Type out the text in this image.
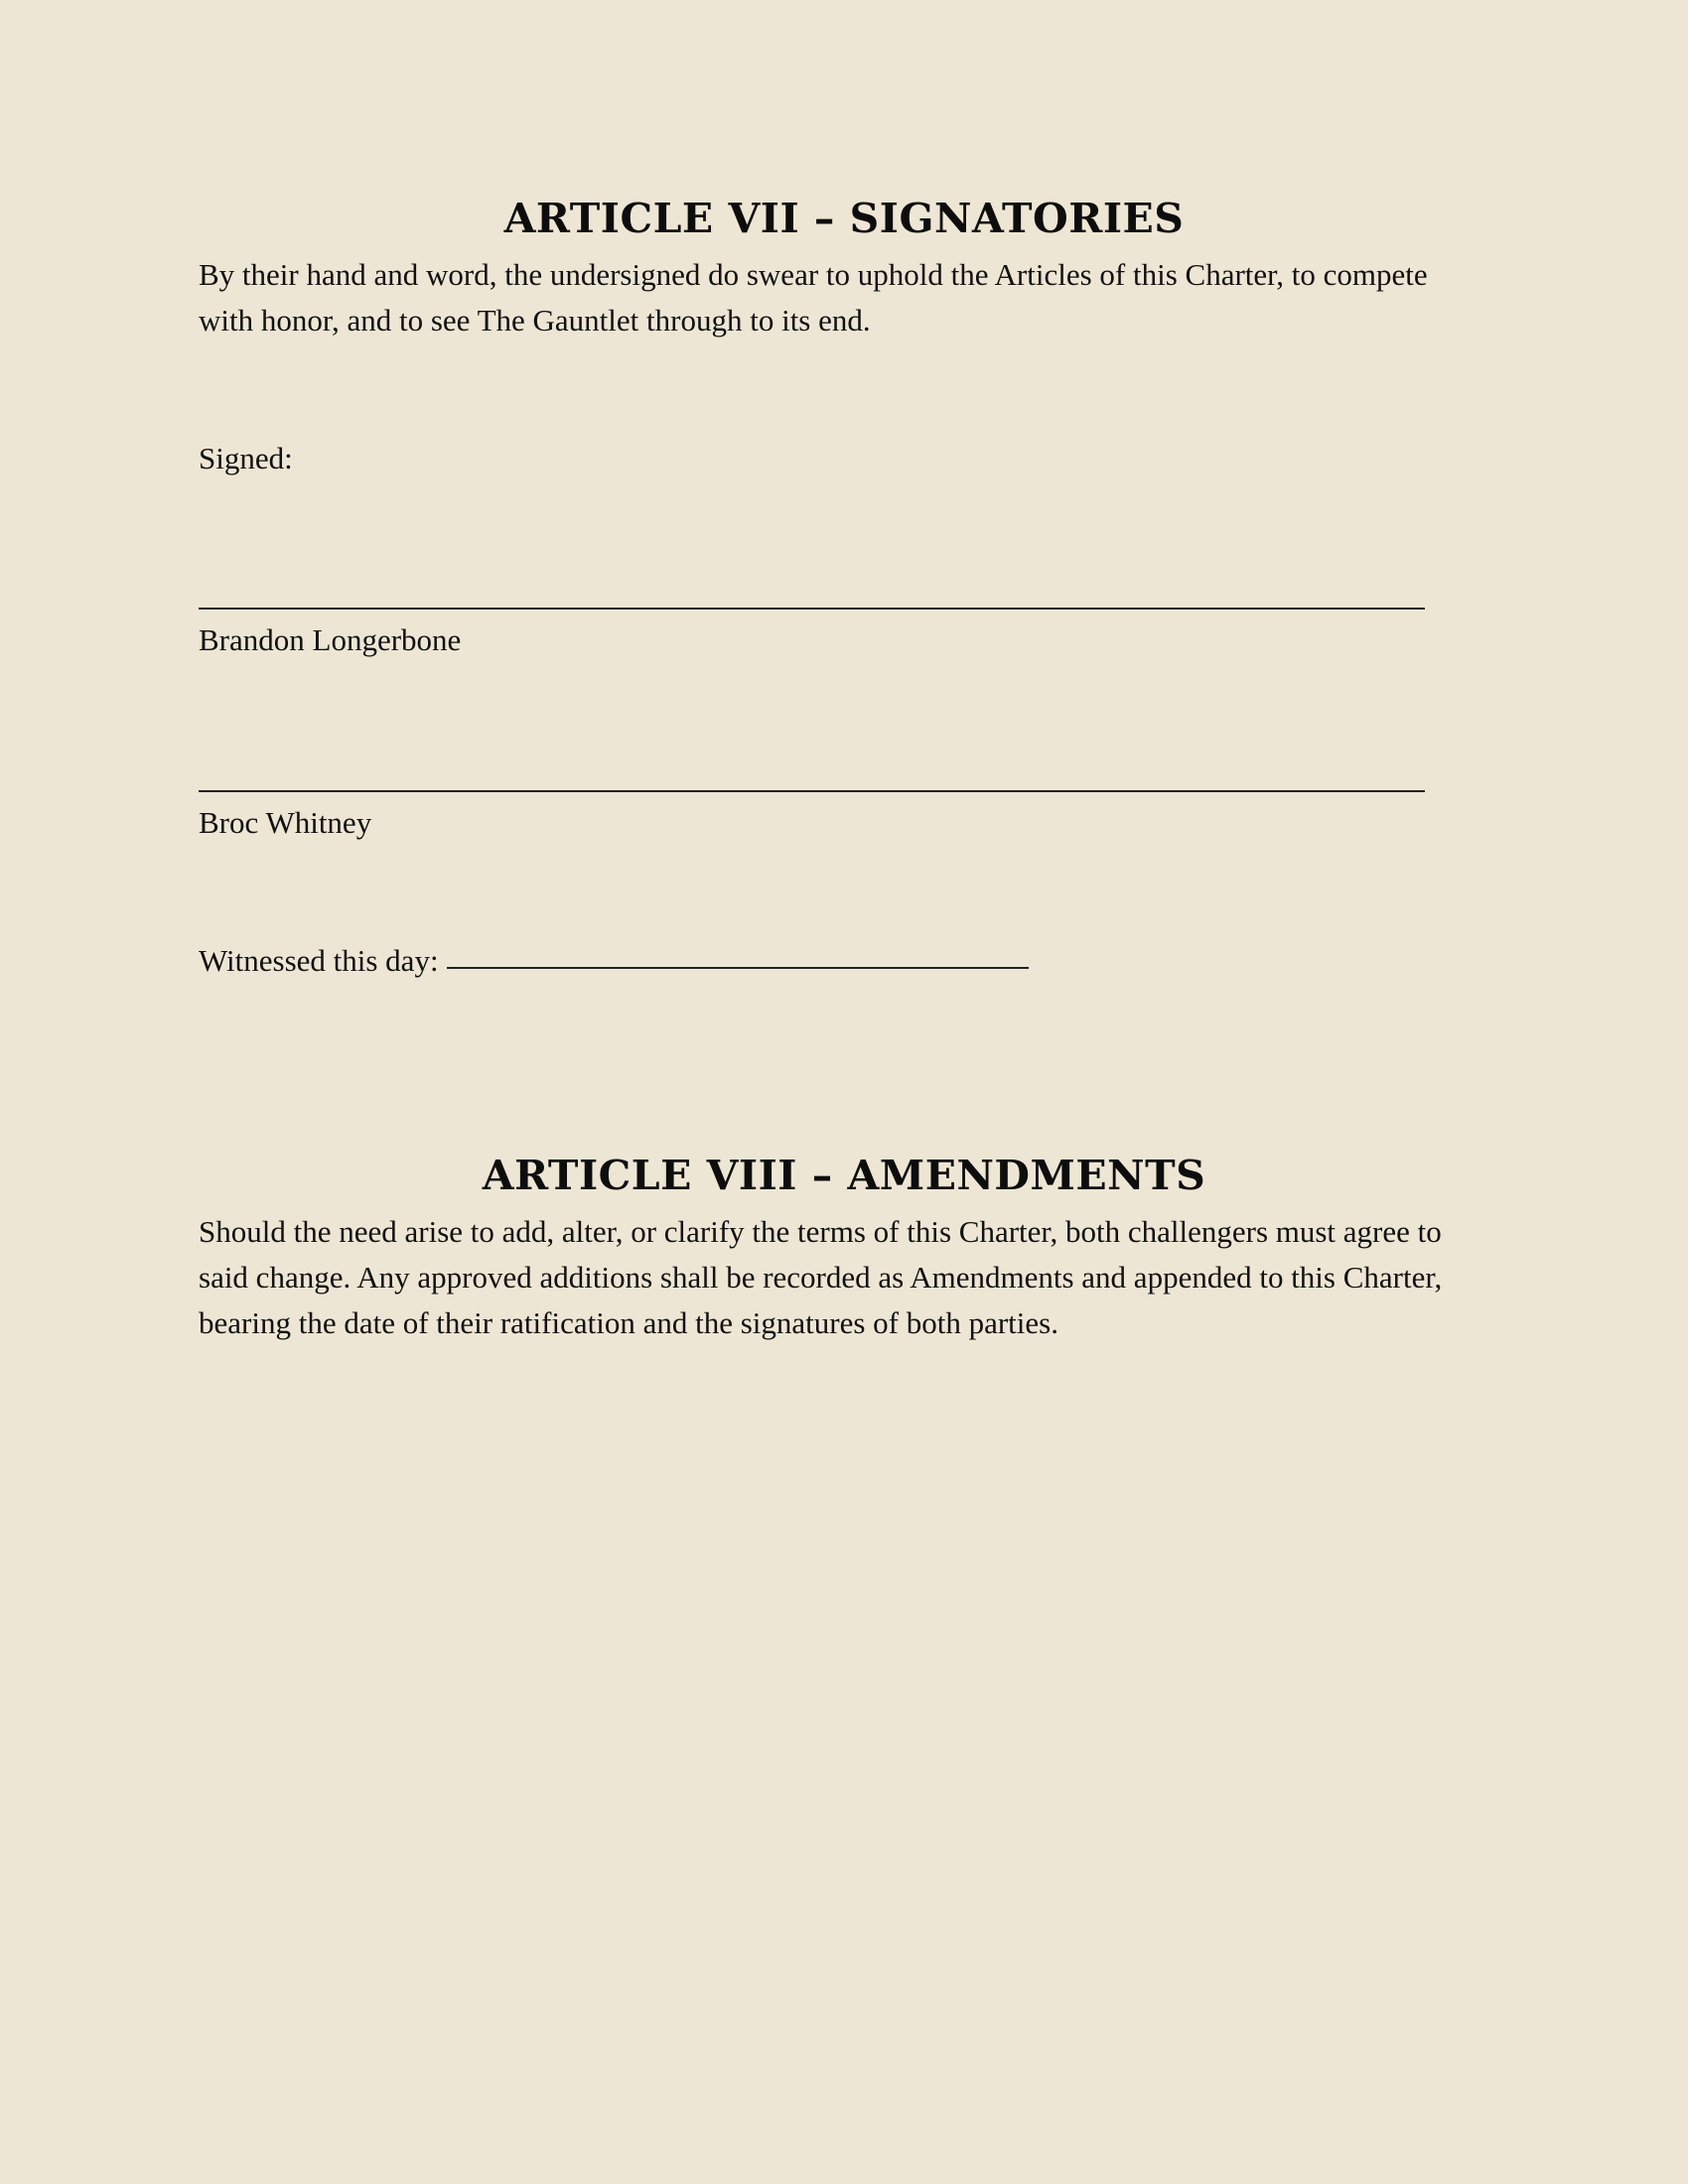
ARTICLE VII – SIGNATORIES

By their hand and word, the undersigned do swear to uphold the Articles of this Charter, to compete with honor, and to see The Gauntlet through to its end.

Signed:

Brandon Longerbone

Broc Whitney

Witnessed this day:
ARTICLE VIII – AMENDMENTS

Should the need arise to add, alter, or clarify the terms of this Charter, both challengers must agree to said change. Any approved additions shall be recorded as Amendments and appended to this Charter, bearing the date of their ratification and the signatures of both parties.
